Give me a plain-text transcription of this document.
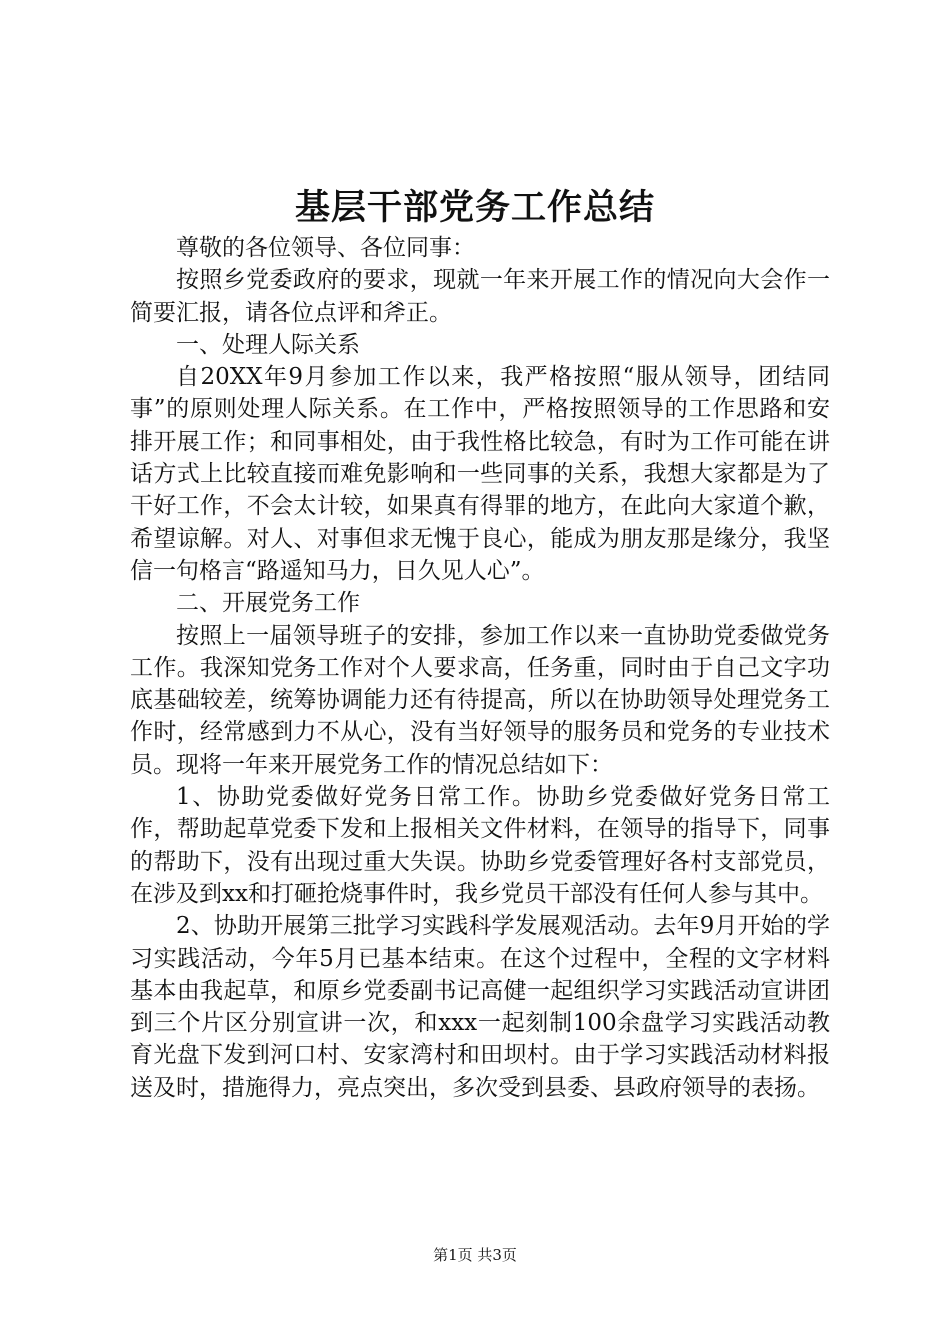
基层干部党务工作总结

尊敬的各位领导、各位同事：

按照乡党委政府的要求，现就一年来开展工作的情况向大会作一简要汇报，请各位点评和斧正。

一、处理人际关系

自20XX年9月参加工作以来，我严格按照“服从领导，团结同事”的原则处理人际关系。在工作中，严格按照领导的工作思路和安排开展工作；和同事相处，由于我性格比较急，有时为工作可能在讲话方式上比较直接而难免影响和一些同事的关系，我想大家都是为了干好工作，不会太计较，如果真有得罪的地方，在此向大家道个歉，希望谅解。对人、对事但求无愧于良心，能成为朋友那是缘分，我坚信一句格言“路遥知马力，日久见人心”。

二、开展党务工作

按照上一届领导班子的安排，参加工作以来一直协助党委做党务工作。我深知党务工作对个人要求高，任务重，同时由于自己文字功底基础较差，统筹协调能力还有待提高，所以在协助领导处理党务工作时，经常感到力不从心，没有当好领导的服务员和党务的专业技术员。现将一年来开展党务工作的情况总结如下：

1、协助党委做好党务日常工作。协助乡党委做好党务日常工作，帮助起草党委下发和上报相关文件材料，在领导的指导下，同事的帮助下，没有出现过重大失误。协助乡党委管理好各村支部党员，在涉及到xx和打砸抢烧事件时，我乡党员干部没有任何人参与其中。

2、协助开展第三批学习实践科学发展观活动。去年9月开始的学习实践活动，今年5月已基本结束。在这个过程中，全程的文字材料基本由我起草，和原乡党委副书记高健一起组织学习实践活动宣讲团到三个片区分别宣讲一次，和xxx一起刻制100余盘学习实践活动教育光盘下发到河口村、安家湾村和田坝村。由于学习实践活动材料报送及时，措施得力，亮点突出，多次受到县委、县政府领导的表扬。

第1页 共3页
